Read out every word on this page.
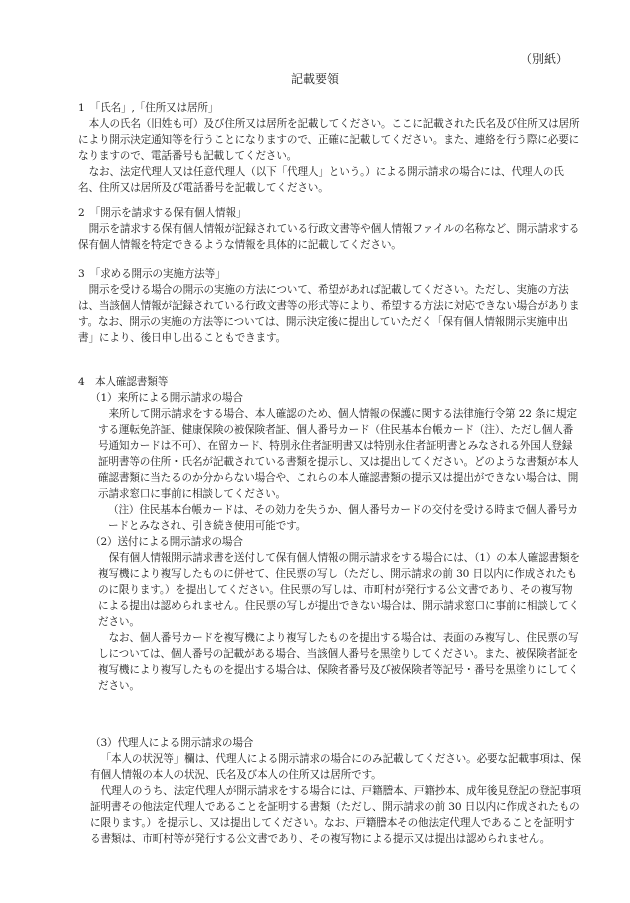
（別紙）
記載要領

1　「氏名」,「住所又は居所」

本人の氏名（旧姓も可）及び住所又は居所を記載してください。ここに記載された氏名及び住所又は居所により開示決定通知等を行うことになりますので、正確に記載してください。また、連絡を行う際に必要になりますので、電話番号も記載してください。

なお、法定代理人又は任意代理人（以下「代理人」という。）による開示請求の場合には、代理人の氏名、住所又は居所及び電話番号を記載してください。

2　「開示を請求する保有個人情報」

開示を請求する保有個人情報が記録されている行政文書等や個人情報ファイルの名称など、開示請求する保有個人情報を特定できるような情報を具体的に記載してください。

3　「求める開示の実施方法等」

開示を受ける場合の開示の実施の方法について、希望があれば記載してください。ただし、実施の方法は、当該個人情報が記録されている行政文書等の形式等により、希望する方法に対応できない場合があります。なお、開示の実施の方法等については、開示決定後に提出していただく「保有個人情報開示実施申出書」により、後日申し出ることもできます。

4　本人確認書類等

（1）来所による開示請求の場合

来所して開示請求をする場合、本人確認のため、個人情報の保護に関する法律施行令第 22 条に規定する運転免許証、健康保険の被保険者証、個人番号カード（住民基本台帳カード（注）、ただし個人番号通知カードは不可）、在留カード、特別永住者証明書又は特別永住者証明書とみなされる外国人登録証明書等の住所・氏名が記載されている書類を提示し、又は提出してください。どのような書類が本人確認書類に当たるのか分からない場合や、これらの本人確認書類の提示又は提出ができない場合は、開示請求窓口に事前に相談してください。

（注）住民基本台帳カードは、その効力を失うか、個人番号カードの交付を受ける時まで個人番号カードとみなされ、引き続き使用可能です。

（2）送付による開示請求の場合

保有個人情報開示請求書を送付して保有個人情報の開示請求をする場合には、（1）の本人確認書類を複写機により複写したものに併せて、住民票の写し（ただし、開示請求の前 30 日以内に作成されたものに限ります。）を提出してください。住民票の写しは、市町村が発行する公文書であり、その複写物による提出は認められません。住民票の写しが提出できない場合は、開示請求窓口に事前に相談してください。

なお、個人番号カードを複写機により複写したものを提出する場合は、表面のみ複写し、住民票の写しについては、個人番号の記載がある場合、当該個人番号を黒塗りしてください。また、被保険者証を複写機により複写したものを提出する場合は、保険者番号及び被保険者等記号・番号を黒塗りにしてください。

（3）代理人による開示請求の場合

「本人の状況等」欄は、代理人による開示請求の場合にのみ記載してください。必要な記載事項は、保有個人情報の本人の状況、氏名及び本人の住所又は居所です。

代理人のうち、法定代理人が開示請求をする場合には、戸籍謄本、戸籍抄本、成年後見登記の登記事項証明書その他法定代理人であることを証明する書類（ただし、開示請求の前 30 日以内に作成されたものに限ります。）を提示し、又は提出してください。なお、戸籍謄本その他法定代理人であることを証明する書類は、市町村等が発行する公文書であり、その複写物による提示又は提出は認められません。
